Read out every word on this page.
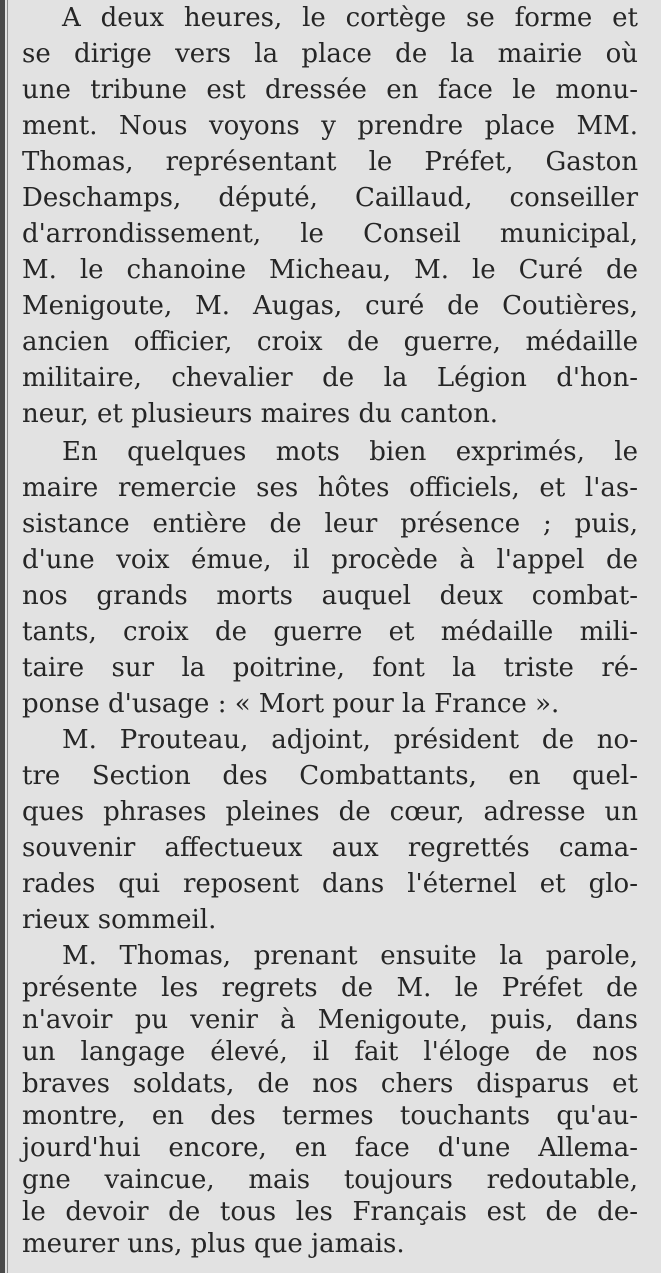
A deux heures, le cortège se forme et
se dirige vers la place de la mairie où
une tribune est dressée en face le monu-
ment. Nous voyons y prendre place MM.
Thomas, représentant le Préfet, Gaston
Deschamps, député, Caillaud, conseiller
d'arrondissement, le Conseil municipal,
M. le chanoine Micheau, M. le Curé de
Menigoute, M. Augas, curé de Coutières,
ancien officier, croix de guerre, médaille
militaire, chevalier de la Légion d'hon-
neur, et plusieurs maires du canton.
En quelques mots bien exprimés, le
maire remercie ses hôtes officiels, et l'as-
sistance entière de leur présence ; puis,
d'une voix émue, il procède à l'appel de
nos grands morts auquel deux combat-
tants, croix de guerre et médaille mili-
taire sur la poitrine, font la triste ré-
ponse d'usage : « Mort pour la France ».
M. Prouteau, adjoint, président de no-
tre Section des Combattants, en quel-
ques phrases pleines de cœur, adresse un
souvenir affectueux aux regrettés cama-
rades qui reposent dans l'éternel et glo-
rieux sommeil.
M. Thomas, prenant ensuite la parole,
présente les regrets de M. le Préfet de
n'avoir pu venir à Menigoute, puis, dans
un langage élevé, il fait l'éloge de nos
braves soldats, de nos chers disparus et
montre, en des termes touchants qu'au-
jourd'hui encore, en face d'une Allema-
gne vaincue, mais toujours redoutable,
le devoir de tous les Français est de de-
meurer uns, plus que jamais.
